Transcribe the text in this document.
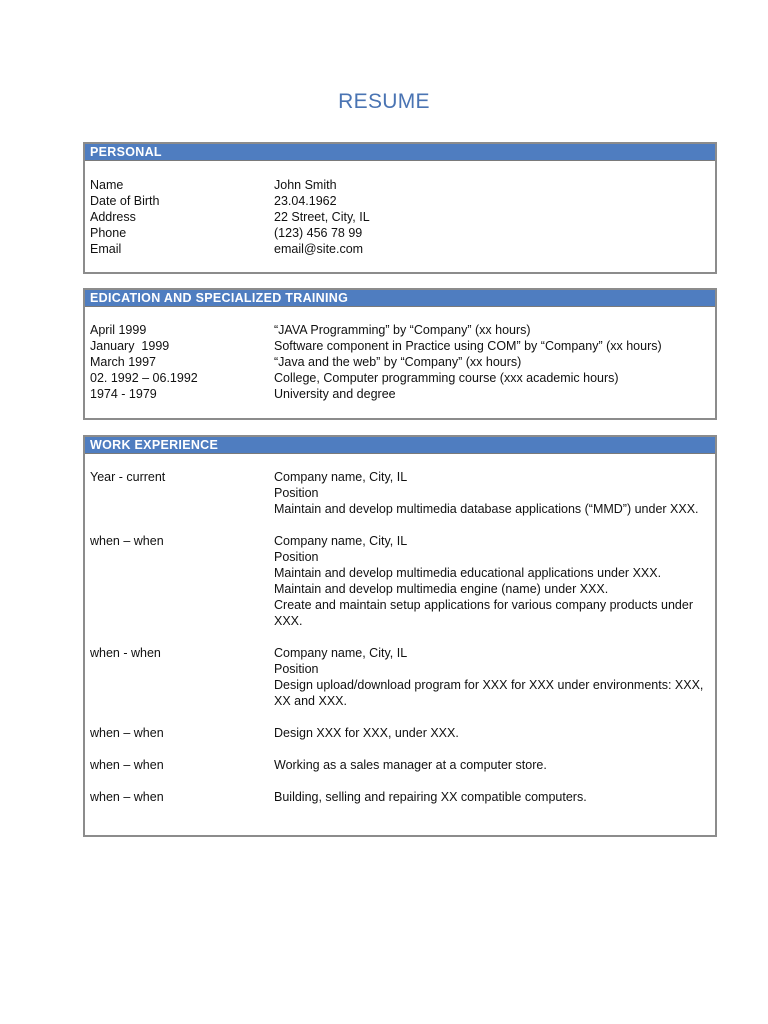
RESUME
PERSONAL
Name	John Smith
Date of Birth	23.04.1962
Address	22 Street, City, IL
Phone	(123) 456 78 99
Email	email@site.com
EDICATION AND SPECIALIZED TRAINING
April 1999	“JAVA Programming” by “Company” (xx hours)
January  1999	Software component in Practice using COM” by “Company” (xx hours)
March 1997	“Java and the web” by “Company” (xx hours)
02. 1992 – 06.1992	College, Computer programming course (xxx academic hours)
1974 - 1979	University and degree
WORK EXPERIENCE
Year - current	Company name, City, IL
Position
Maintain and develop multimedia database applications (“MMD”) under XXX.
when – when	Company name, City, IL
Position
Maintain and develop multimedia educational applications under XXX.
Maintain and develop multimedia engine (name) under XXX.
Create and maintain setup applications for various company products under XXX.
when - when	Company name, City, IL
Position
Design upload/download program for XXX for XXX under environments: XXX, XX and XXX.
when – when	Design XXX for XXX, under XXX.
when – when	Working as a sales manager at a computer store.
when – when	Building, selling and repairing XX compatible computers.
